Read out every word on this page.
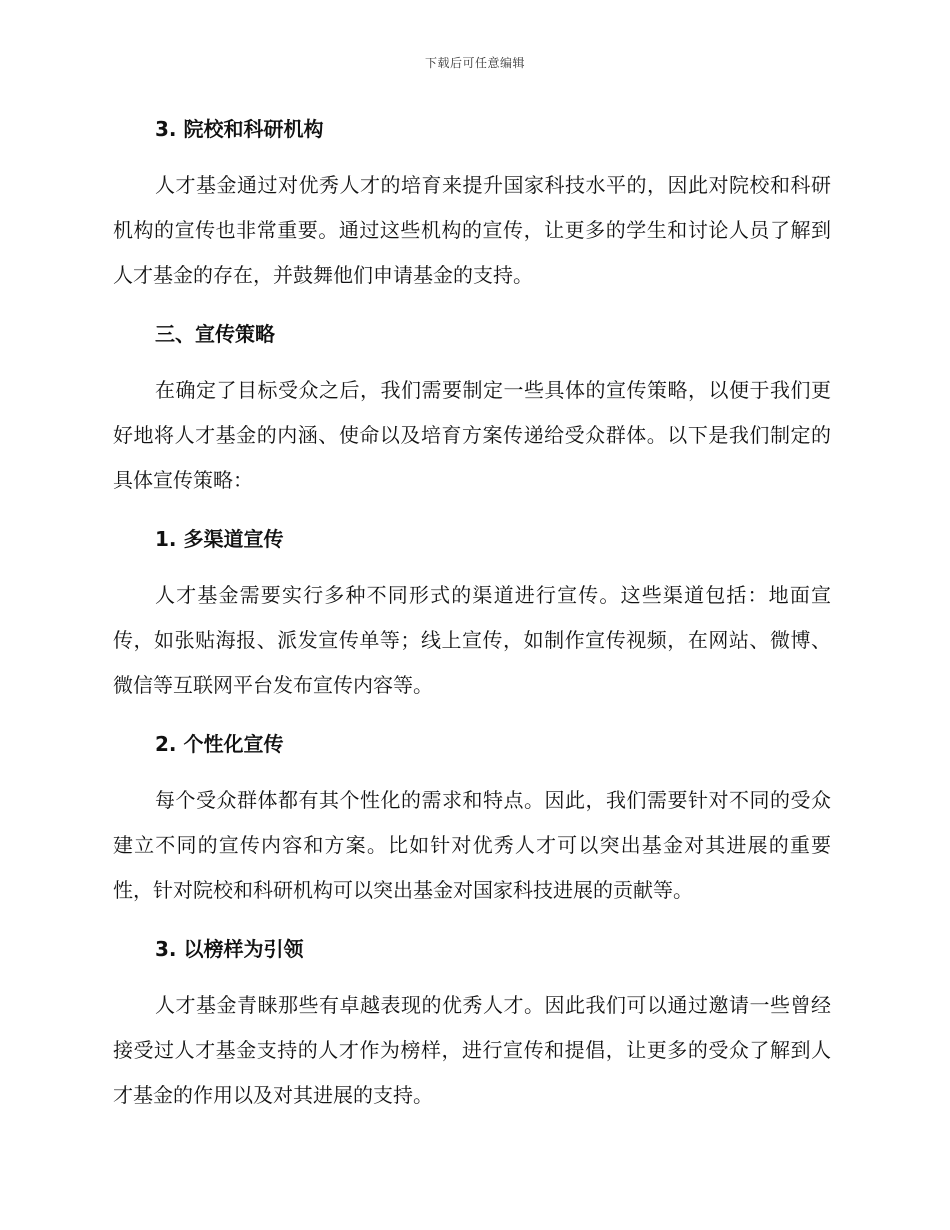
下载后可任意编辑
3. 院校和科研机构

人才基金通过对优秀人才的培育来提升国家科技水平的，因此对院校和科研机构的宣传也非常重要。通过这些机构的宣传，让更多的学生和讨论人员了解到人才基金的存在，并鼓舞他们申请基金的支持。

三、宣传策略

在确定了目标受众之后，我们需要制定一些具体的宣传策略，以便于我们更好地将人才基金的内涵、使命以及培育方案传递给受众群体。以下是我们制定的具体宣传策略：

1. 多渠道宣传

人才基金需要实行多种不同形式的渠道进行宣传。这些渠道包括：地面宣传，如张贴海报、派发宣传单等；线上宣传，如制作宣传视频，在网站、微博、微信等互联网平台发布宣传内容等。

2. 个性化宣传

每个受众群体都有其个性化的需求和特点。因此，我们需要针对不同的受众建立不同的宣传内容和方案。比如针对优秀人才可以突出基金对其进展的重要性，针对院校和科研机构可以突出基金对国家科技进展的贡献等。

3. 以榜样为引领

人才基金青睐那些有卓越表现的优秀人才。因此我们可以通过邀请一些曾经接受过人才基金支持的人才作为榜样，进行宣传和提倡，让更多的受众了解到人才基金的作用以及对其进展的支持。
